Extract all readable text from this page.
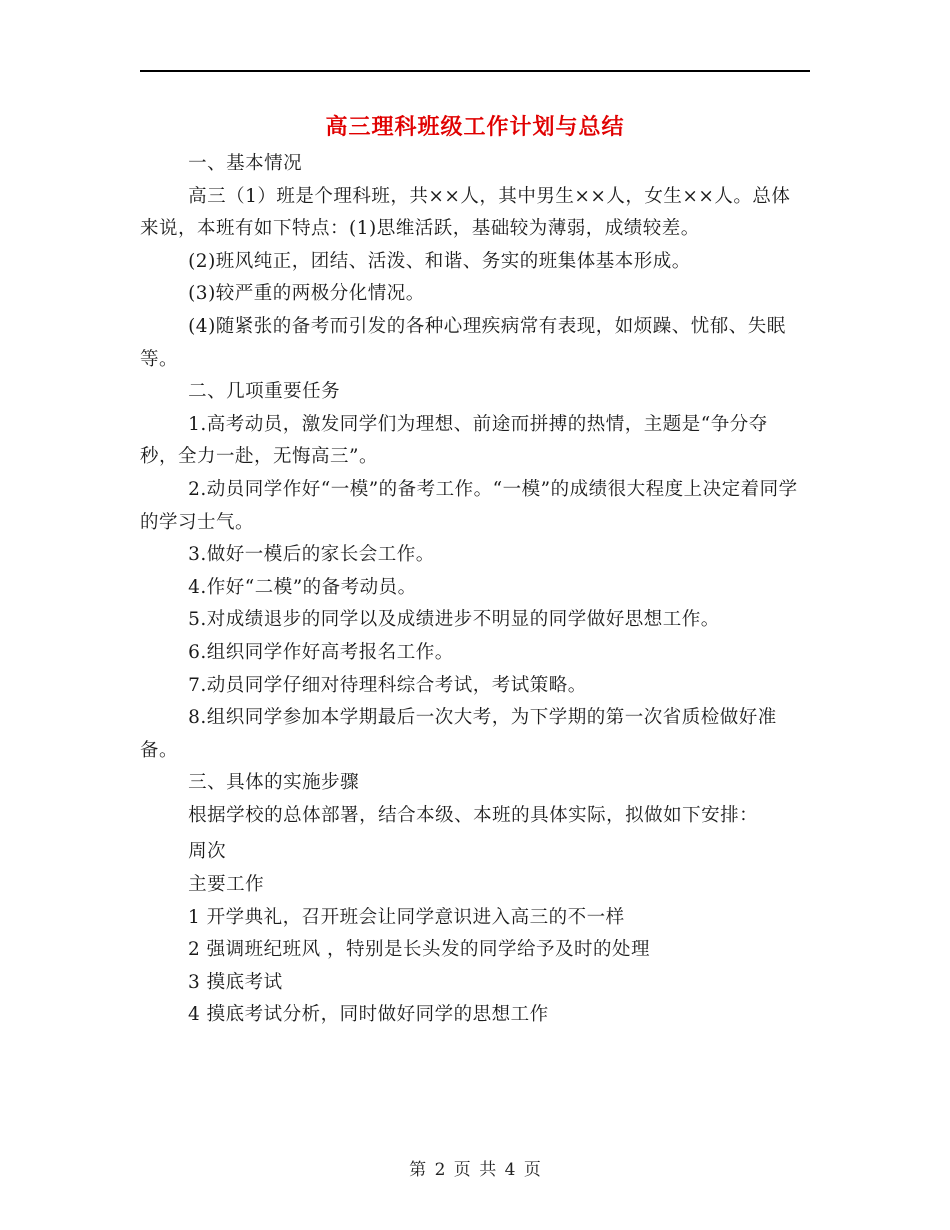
高三理科班级工作计划与总结

一、基本情况

高三（1）班是个理科班，共××人，其中男生××人，女生××人。总体来说，本班有如下特点：(1)思维活跃，基础较为薄弱，成绩较差。

(2)班风纯正，团结、活泼、和谐、务实的班集体基本形成。

(3)较严重的两极分化情况。

(4)随紧张的备考而引发的各种心理疾病常有表现，如烦躁、忧郁、失眠等。

二、几项重要任务

1.高考动员，激发同学们为理想、前途而拼搏的热情，主题是“争分夺秒，全力一赴，无悔高三”。

2.动员同学作好“一模”的备考工作。“一模”的成绩很大程度上决定着同学的学习士气。

3.做好一模后的家长会工作。

4.作好“二模”的备考动员。

5.对成绩退步的同学以及成绩进步不明显的同学做好思想工作。

6.组织同学作好高考报名工作。

7.动员同学仔细对待理科综合考试，考试策略。

8.组织同学参加本学期最后一次大考，为下学期的第一次省质检做好准备。

三、具体的实施步骤

根据学校的总体部署，结合本级、本班的具体实际，拟做如下安排：

周次

主要工作

1 开学典礼，召开班会让同学意识进入高三的不一样

2 强调班纪班风 ，特别是长头发的同学给予及时的处理

3 摸底考试

4 摸底考试分析，同时做好同学的思想工作

第 2 页 共 4 页
